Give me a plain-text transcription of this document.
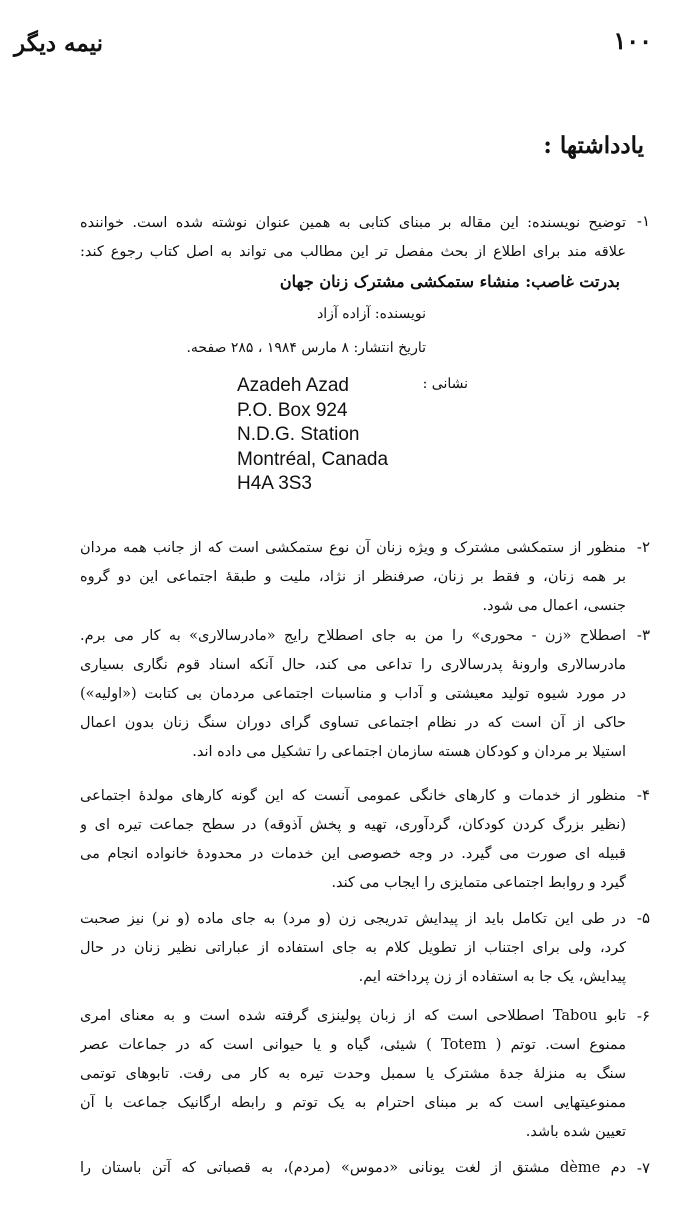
نیمه دیگر	۱۰۰
یادداشتها :
۱-
توضیح نویسنده: این مقاله بر مبنای کتابی به همین عنوان نوشته شده است. خواننده
علاقه مند برای اطلاع از بحث مفصل تر این مطالب می تواند به اصل کتاب رجوع کند:
بدرتت غاصب: منشاء ستمکشی مشترک زنان جهان
نویسنده: آزاده آزاد
تاریخ انتشار: ۸ مارس ۱۹۸۴ ، ۲۸۵ صفحه.
نشانی :
Azadeh Azad
P.O. Box 924
N.D.G. Station
Montréal, Canada
H4A 3S3
۲-
منظور از ستمکشی مشترک و ویژه زنان آن نوع ستمکشی است که از جانب همه مردان
بر همه زنان، و فقط بر زنان، صرفنظر از نژاد، ملیت و طبقهٔ اجتماعی این دو گروه
جنسی، اعمال می شود.
۳-
اصطلاح «زن - محوری» را من به جای اصطلاح رایج «مادرسالاری» به کار می برم.
مادرسالاری وارونهٔ پدرسالاری را تداعی می کند، حال آنکه اسناد قوم نگاری بسیاری
در مورد شیوه تولید معیشتی و آداب و مناسبات اجتماعی مردمان بی کتابت («اولیه»)
حاکی از آن است که در نظام اجتماعی تساوی گرای دوران سنگ زنان بدون اعمال
استیلا بر مردان و کودکان هسته سازمان اجتماعی را تشکیل می داده اند.
۴-
منظور از خدمات و کارهای خانگی عمومی آنست که این گونه کارهای مولدهٔ اجتماعی
(نظیر بزرگ کردن کودکان، گردآوری، تهیه و پخش آذوقه) در سطح جماعت تیره ای و
قبیله ای صورت می گیرد. در وجه خصوصی این خدمات در محدودهٔ خانواده انجام می
گیرد و روابط اجتماعی متمایزی را ایجاب می کند.
۵-
در طی این تکامل باید از پیدایش تدریجی زن (و مرد) به جای ماده (و نر) نیز صحبت
کرد، ولی برای اجتناب از تطویل کلام به جای استفاده از عباراتی نظیر زنان در حال
پیدایش، یک جا به استفاده از زن پرداخته ایم.
۶-
تابو Tabou اصطلاحی است که از زبان پولینزی گرفته شده است و به معنای امری
ممنوع است. توتم ( Totem ) شیئی، گیاه و یا حیوانی است که در جماعات عصر
سنگ به منزلهٔ جدهٔ مشترک یا سمبل وحدت تیره به کار می رفت. تابوهای توتمی
ممنوعیتهایی است که بر مبنای احترام به یک توتم و رابطه ارگانیک جماعت با آن
تعیین شده باشد.
۷-
دم dème مشتق از لغت یونانی «دموس» (مردم)، به قصباتی که آتن باستان را
